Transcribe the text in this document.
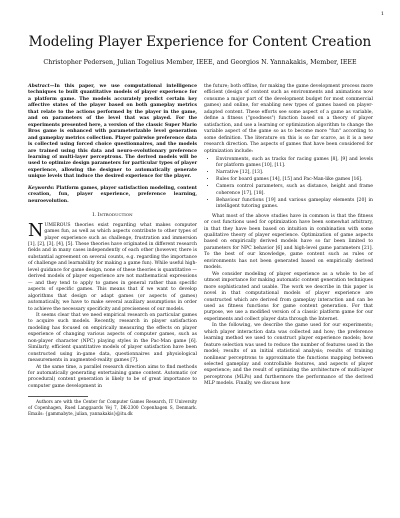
1
Modeling Player Experience for Content Creation
Christopher Pedersen, Julian Togelius Member, IEEE, and Georgios N. Yannakakis, Member, IEEE

Abstract—In this paper, we use computational intelligence techniques to built quantitative models of player experience for a platform game. The models accurately predict certain key affective states of the player based on both gameplay metrics that relate to the actions performed by the player in the game, and on parameters of the level that was played. For the experiments presented here, a version of the classic Super Mario Bros game is enhanced with parameterizable level generation and gameplay metrics collection. Player pairwise preference data is collected using forced choice questionnaires, and the models are trained using this data and neuro-evolutionary preference learning of multi-layer perceptrons. The derived models will be used to optimize design parameters for particular types of player experience, allowing the designer to automatically generate unique levels that induce the desired experience for the player.

Keywords: Platform games, player satisfaction modeling, content creation, fun, player experience, preference learning, neuroevolution.

I. Introduction

NUMEROUS theories exist regarding what makes computer games fun, as well as which aspects contribute to other types of player experience such as challenge, frustration and immersion [1], [2], [3], [4], [5]. These theories have originated in different research fields and in many cases independently of each other (however, there is substantial agreement on several counts, e.g. regarding the importance of challenge and learnability for making a game fun). While useful high-level guidance for game design, none of these theories is quantitative — derived models of player experience are not mathematical expressions — and they tend to apply to games in general rather than specific aspects of specific games. This means that if we want to develop algorithms that design or adapt games (or aspects of games) automatically, we have to make several auxiliary assumptions in order to achieve the necessary specificity and preciseness of our models.

It seems clear that we need empirical research on particular games to acquire such models. Recently, research in player satisfaction modeling has focused on empirically measuring the effects on player experience of changing various aspects of computer games, such as non-player character (NPC) playing styles in the Pac-Man game [6]. Similarly, efficient quantitative models of player satisfaction have been constructed using in-game data, questionnaires and physiological measurements in augmented-reality games [7].

At the same time, a parallel research direction aims to find methods for automatically generating entertaining game content. Automatic (or procedural) content generation is likely to be of great importance to computer game development in

Authors are with the Center for Computer Games Research, IT University of Copenhagen, Rued Langgaards Vej 7, DK-2300 Copenhagen S, Denmark. Emails: {gammabyte, julian, yannakakis}@itu.dk

the future; both offline, for making the game development process more efficient (design of content such as environments and animations now consume a major part of the development budget for most commercial games) and online, for enabling new types of games based on player-adapted content. These efforts see some aspect of a game as variable, define a fitness ("goodness") function based on a theory of player satisfaction, and use a learning or optimization algorithm to change the variable aspect of the game so as to become more "fun" according to some definition. The literature on this is so far scarce, as it is a new research direction. The aspects of games that have been considered for optimization include:

• Environments, such as tracks for racing games [8], [9] and levels for platform games [10], [11].
• Narrative [12], [13].
• Rules for board games [14], [15] and Pac-Man-like games [16].
• Camera control parameters, such as distance, height and frame coherence [17], [18].
• Behaviour functions [19] and various gameplay elements [20] in intelligent tutoring games.

What most of the above studies have in common is that the fitness or cost functions used for optimization have been somewhat arbitrary, in that they have been based on intuition in combination with some qualitative theory of player experience. Optimization of game aspects based on empirically derived models have so far been limited to parameters for NPC behavior [6] and high-level game parameters [21]. To the best of our knowledge, game content such as rules or environments has not been generated based on empirically derived models.

We consider modeling of player experience as a whole to be of utmost importance for making automatic content generation techniques more sophisticated and usable. The work we describe in this paper is novel in that computational models of player experience are constructed which are derived from gameplay interaction and can be used as fitness functions for game content generation. For that purpose, we use a modified version of a classic platform game for our experiments and collect player data through the Internet.

In the following, we describe the game used for our experiments; which player interaction data was collected and how; the preference learning method we used to construct player experience models; how feature selection was used to reduce the number of features used in the model; results of an initial statistical analysis; results of training nonlinear perceptrons to approximate the functions mapping between selected gameplay and controllable features, and aspects of player experience; and the result of optimizing the architecture of multi-layer perceptrons (MLPs) and furthermore the performance of the derived MLP models. Finally, we discuss how
